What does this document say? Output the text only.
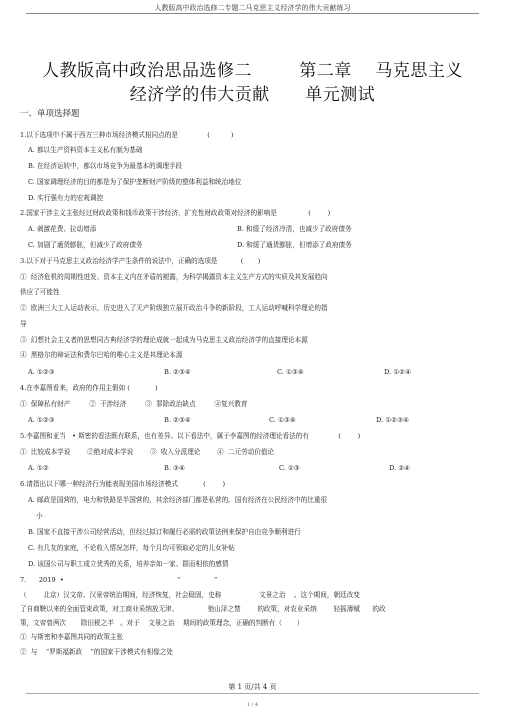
人教版高中政治选修二专题二马克思主义经济学的伟大贡献练习
人教版高中政治思品选修二        第二章    马克思主义
经济学的伟大贡献      单元测试
一、单项选择题
1.以下选项中不属于西方三种市场经济模式相同点的是              (          )
A. 都以生产资料资本主义私有制为基础
B. 在经济运转中，都以市场竞争为最基本的调理手段
C. 国家调理经济的目的都是为了保护垄断财产阶级的整体利益和统治地位
D. 实行强有力的宏观调控
2.国家干涉主义主张经过财政政策和钱币政策干涉经济，扩充性财政政策对经济的影响是               (        )
A. 刺激花费、拉动增添	B. 和缓了经济冷清，也减少了政府债务
C. 加剧了通货膨胀，但减少了政府债务	D. 和缓了通货膨胀，但增添了政府债务
3.以下对于马克思主义政治经济学产生条件的说法中，正确的选项是           (       )
①  经济危机的周期性进发、资本主义内在矛盾的褪露，为科学揭露资本主义生产方式的实质及其发展趋向
供应了可能性
②  欧洲三大工人运动表示，历史进入了无产阶级独立展开政治斗争的新阶段，工人运动呼喊科学理论的指
导
③  幻想社会主义者的思想同古典经济学的理论成就一起成为马克思主义政治经济学的直接理论本源
④  黑格尔的辩证法和费尔巴哈的唯心主义是其理论本源
A. ①②③	B. ②③④	C. ①③④	D. ①②④
4.在李嘉图看来，政府的作用主假如 (            )
①  保障私有财产         ②  干涉经济         ③  罪除政治缺点         ④复兴教育
A. ①②③	B. ②③④	C. ①③④	D. ①②③④
5.李嘉图和亚当   • 斯密的看法既有联系，也有差异。以下看法中，属于李嘉图的经济理论看法的有              (        )
①  比较成本学说        ②绝对成本学说        ③  收入分派理论        ④  二元劳动价值论
A. ①②	B. ③④	C. ①③	D. ②④
6.请指出以下哪一种经济行为能表现美国市场经济模式            (        )
A. 邮政是国营的，电力和铁路是半国营的，其余经济部门都是私营的。国有经济在公民经济中的比重很
小
B. 国家不直接干涉公司经营活动，但经过拟订和履行必需的政策法例来保护自由竞争顺利进行
C. 有几友的家庭，不论收入情况怎样，每个月均可领取必定的儿女补贴
D. 该国公司与职工成立优秀的关系，培养亲如一家、群而相依的感情
7.      2019  •                                                      “                ”
（        北京）汉文帝、汉景帝统治期间，经济恢复，社会稳固，史称                  文景之治    。这个期间，朝廷改变
了自商鞅以来的全面管束政策，对工商业采纳放无津、              弛山泽之禁        的政策，对农业采纳        轻摇薄赋      的政
策，文帝曾两次       除田税之半   。对于    文景之治    期间的政策理念，正确的判断有（       ）
①  与斯密和李嘉图共同的政策主张
②  与    “罗斯福新政    ”的国家干涉模式有相像之处
第 1 页/共 4 页
1 / 4
